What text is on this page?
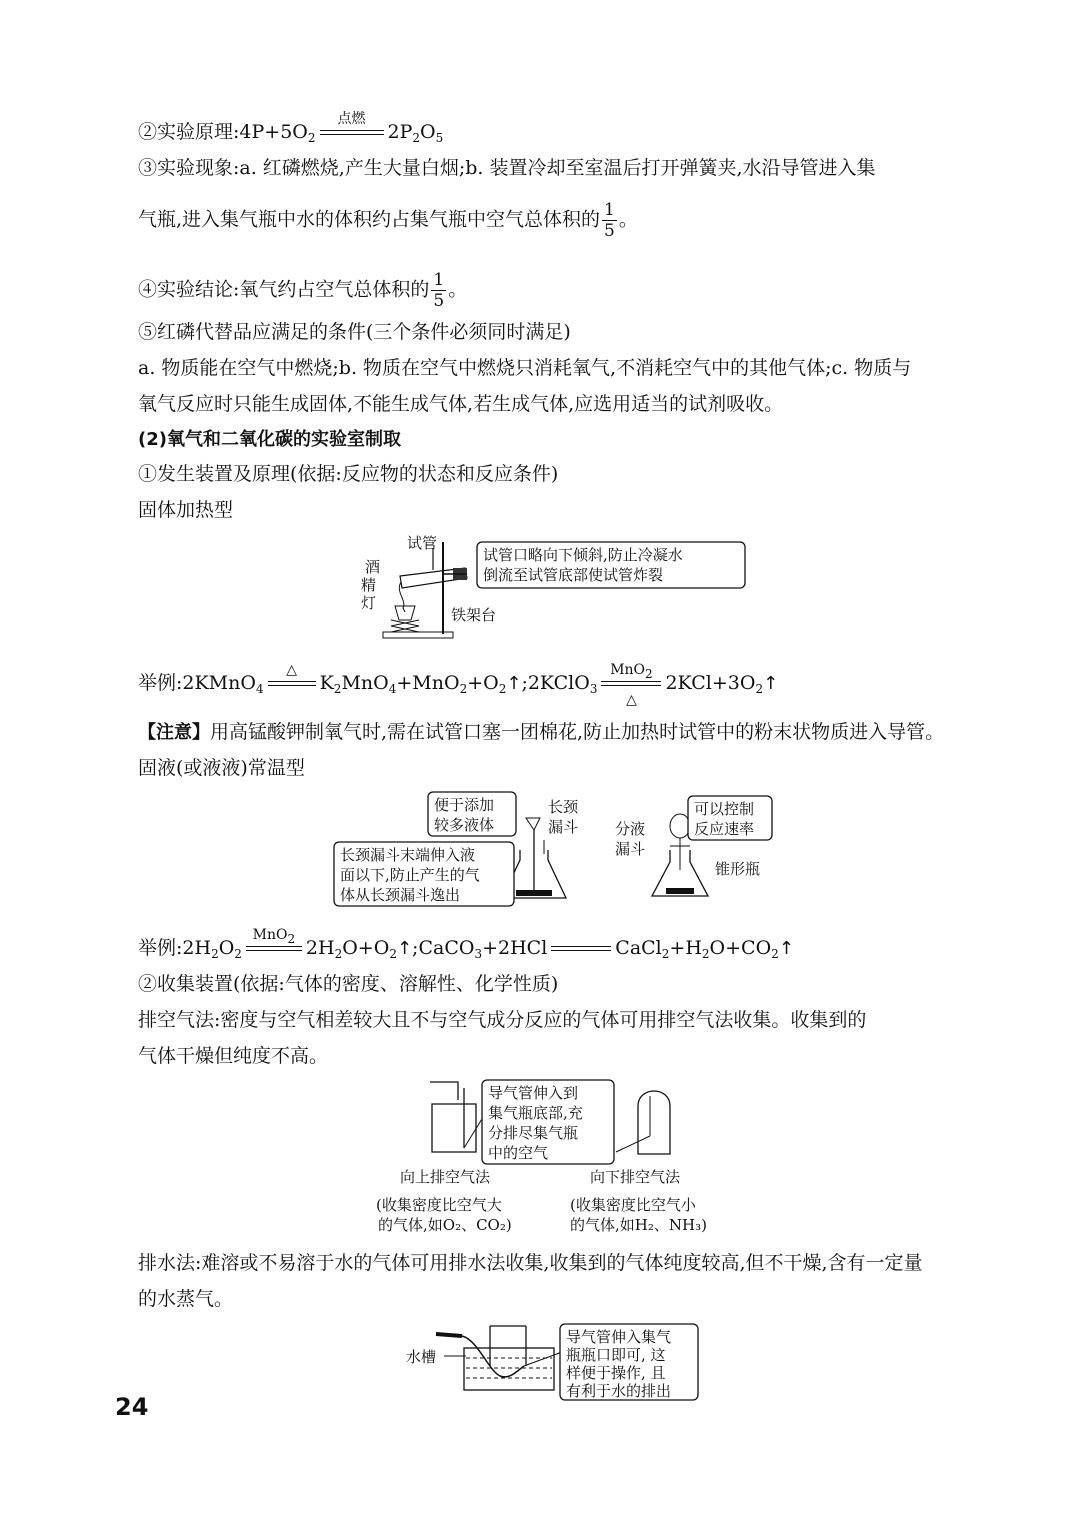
②实验原理$:4P+5O_2$
点燃
$2P_2O_5$
③实验现象:a. 红磷燃烧,产生大量白烟;b. 装置冷却至室温后打开弹簧夹,水沿导管进入集
气瓶,进入集气瓶中水的体积约占集气瓶中空气总体积的 $\frac{1}{5}$ 。
④实验结论:氧气约占空气总体积的 $\frac{1}{5}$ 。
⑤红磷代替品应满足的条件(三个条件必须同时满足)
a. 物质能在空气中燃烧;b. 物质在空气中燃烧只消耗氧气,不消耗空气中的其他气体;c. 物质与
氧气反应时只能生成固体,不能生成气体,若生成气体,应选用适当的试剂吸收。
(2)氧气和二氧化碳的实验室制取
①发生装置及原理(依据:反应物的状态和反应条件)
固体加热型
试管
酒
精
灯
试管口略向下倾斜,防止冷凝水
倒流至试管底部使试管炸裂
铁架台
举例:2KMnO$_4$
△
$K_2MnO_4+MnO_2+O_2↑;2KClO_3$
MnO$_2$
△
$2KCl+3O_2↑$
【注意】用高锰酸钾制氧气时,需在试管口塞一团棉花,防止加热时试管中的粉末状物质进入导管。
固液(或液液)常温型
便于添加
较多液体
长颈
漏斗
长颈漏斗末端伸入液
面以下,防止产生的气
体从长颈漏斗逸出
分液
漏斗
可以控制
反应速率
锥形瓶
举例$:2H_2O_2$
MnO$_2$ $2H_2O+O_2↑;CaCO_3+2HCl$	$CaCl_2+H_2O+CO_2↑$
②收集装置(依据:气体的密度、溶解性、化学性质)
排空气法:密度与空气相差较大且不与空气成分反应的气体可用排空气法收集。收集到的
气体干燥但纯度不高。
导气管伸入到
集气瓶底部,充
分排尽集气瓶
中的空气
向上排空气法	向下排空气法
(收集密度比空气大
的气体,如O₂、CO₂)
(收集密度比空气小
的气体,如H₂、NH₃)
排水法:难溶或不易溶于水的气体可用排水法收集,收集到的气体纯度较高,但不干燥,含有一定量
的水蒸气。
水槽
导气管伸入集气
瓶瓶口即可, 这
样便于操作, 且
有利于水的排出
24
